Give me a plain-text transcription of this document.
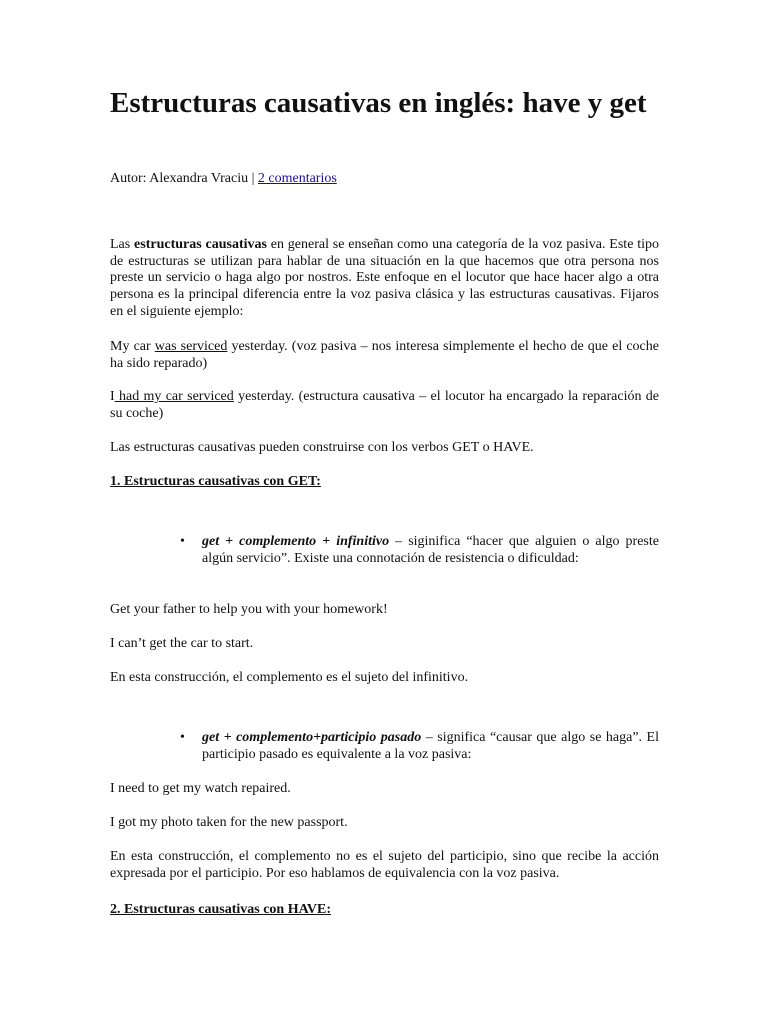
Estructuras causativas en inglés: have y get
Autor: Alexandra Vraciu | 2 comentarios

Las estructuras causativas en general se enseñan como una categoría de la voz pasiva. Este tipo de estructuras se utilizan para hablar de una situación en la que hacemos que otra persona nos preste un servicio o haga algo por nostros. Este enfoque en el locutor que hace hacer algo a otra persona es la principal diferencia entre la voz pasiva clásica y las estructuras causativas. Fijaros en el siguiente ejemplo:

My car was serviced yesterday. (voz pasiva – nos interesa simplemente el hecho de que el coche ha sido reparado)

I had my car serviced yesterday. (estructura causativa – el locutor ha encargado la reparación de su coche)

Las estructuras causativas pueden construirse con los verbos GET o HAVE.

1. Estructuras causativas con GET:
• get + complemento + infinitivo – siginifica “hacer que alguien o algo preste algún servicio”. Existe una connotación de resistencia o dificuldad:

Get your father to help you with your homework!

I can’t get the car to start.

En esta construcción, el complemento es el sujeto del infinitivo.

• get + complemento+participio pasado – significa “causar que algo se haga”. El participio pasado es equivalente a la voz pasiva:

I need to get my watch repaired.

I got my photo taken for the new passport.

En esta construcción, el complemento no es el sujeto del participio, sino que recibe la acción expresada por el participio. Por eso hablamos de equivalencia con la voz pasiva.

2. Estructuras causativas con HAVE:
